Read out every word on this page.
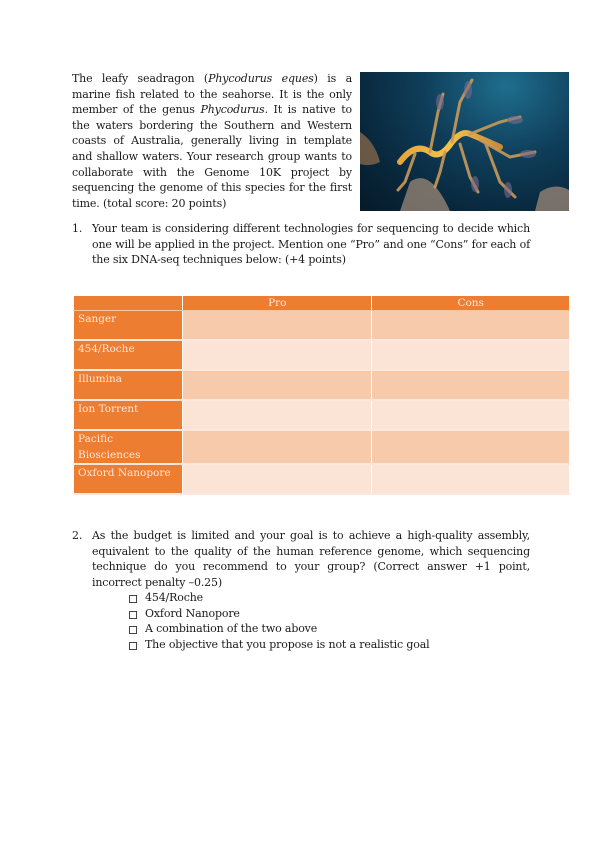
The leafy seadragon (Phycodurus eques) is a marine fish related to the seahorse. It is the only member of the genus Phycodurus. It is native to the waters bordering the Southern and Western coasts of Australia, generally living in template and shallow waters. Your research group wants to collaborate with the Genome 10K project by sequencing the genome of this species for the first time. (total score: 20 points)
1. Your team is considering different technologies for sequencing to decide which one will be applied in the project. Mention one “Pro” and one “Cons” for each of the six DNA-seq techniques below: (+4 points)
	Pro	Cons
Sanger		
454/Roche		
Illumina		
Ion Torrent		
Pacific Biosciences		
Oxford Nanopore		
2. As the budget is limited and your goal is to achieve a high-quality assembly, equivalent to the quality of the human reference genome, which sequencing technique do you recommend to your group? (Correct answer +1 point, incorrect penalty –0.25)
454/Roche
Oxford Nanopore
A combination of the two above
The objective that you propose is not a realistic goal
